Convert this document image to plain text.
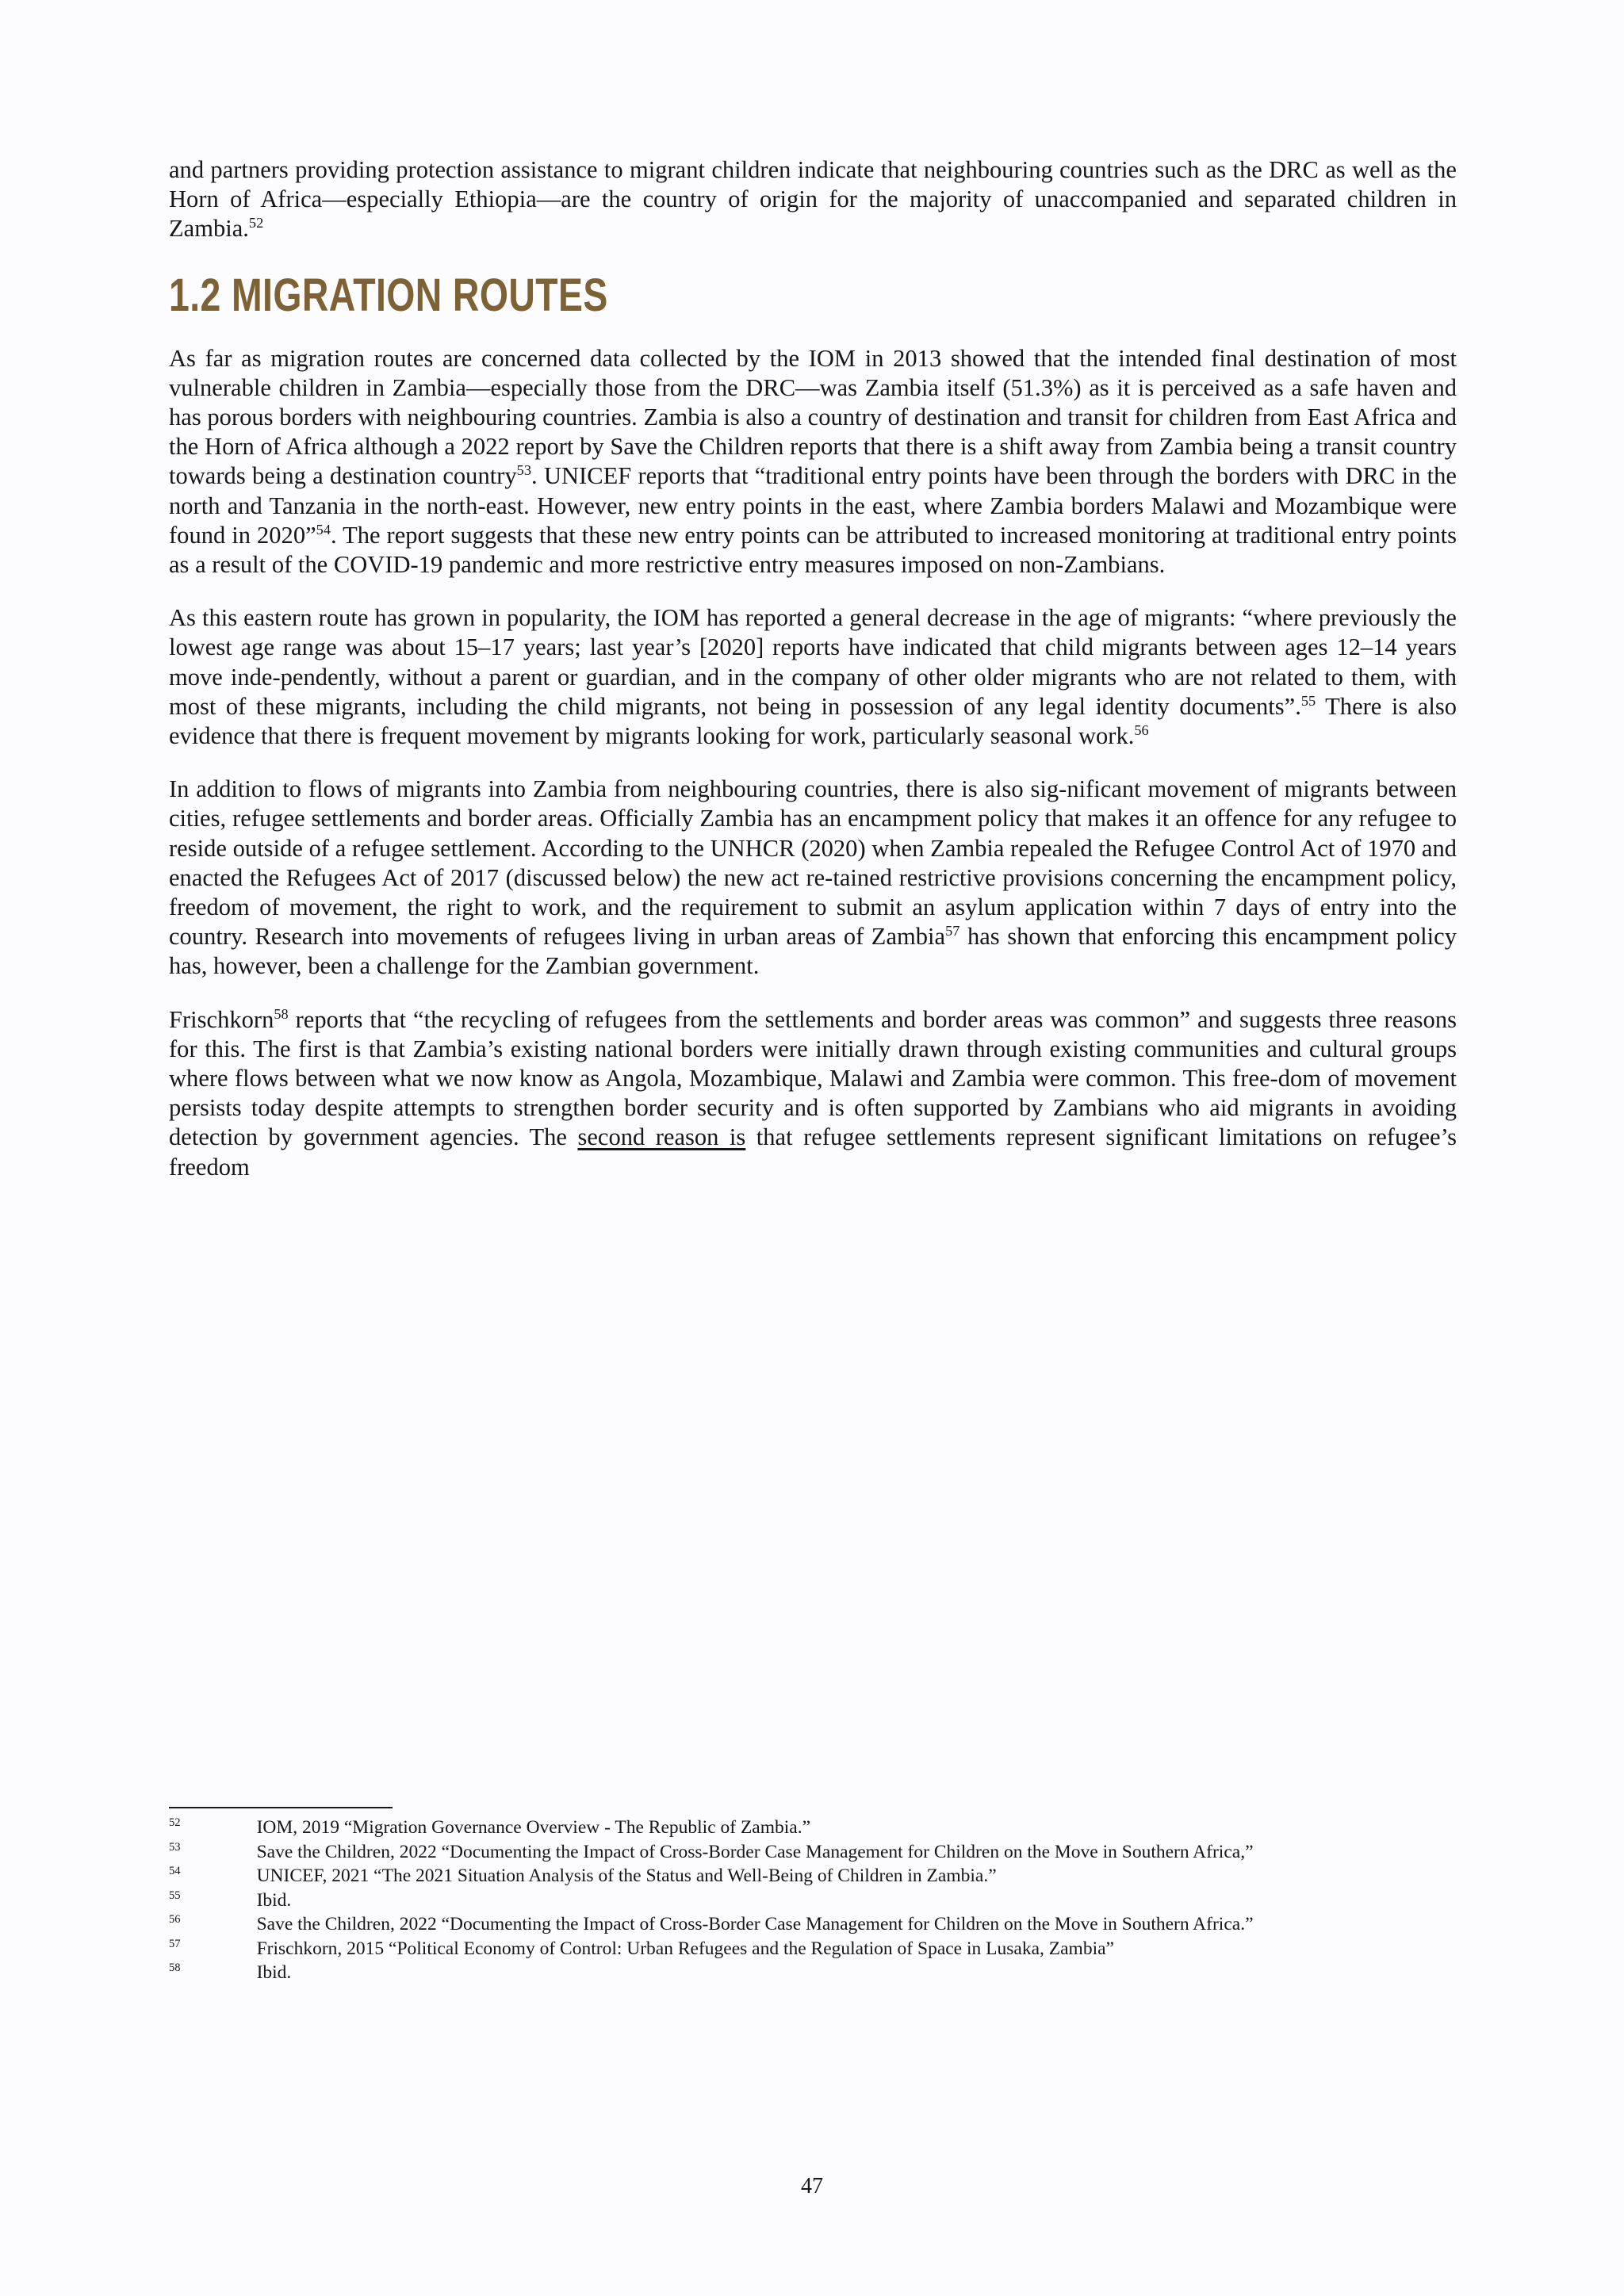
and partners providing protection assistance to migrant children indicate that neighbouring countries such as the DRC as well as the Horn of Africa—especially Ethiopia—are the country of origin for the majority of unaccompanied and separated children in Zambia.$^{52}$

1.2 MIGRATION ROUTES

As far as migration routes are concerned data collected by the IOM in 2013 showed that the intended final destination of most vulnerable children in Zambia—especially those from the DRC—was Zambia itself (51.3%) as it is perceived as a safe haven and has porous borders with neighbouring countries. Zambia is also a country of destination and transit for children from East Africa and the Horn of Africa although a 2022 report by Save the Children reports that there is a shift away from Zambia being a transit country towards being a destination country$^{53}$. UNICEF reports that “traditional entry points have been through the borders with DRC in the north and Tanzania in the north-east. However, new entry points in the east, where Zambia borders Malawi and Mozambique were found in 2020”$^{54}$. The report suggests that these new entry points can be attributed to increased monitoring at traditional entry points as a result of the COVID-19 pandemic and more restrictive entry measures imposed on non-Zambians.

As this eastern route has grown in popularity, the IOM has reported a general decrease in the age of migrants: “where previously the lowest age range was about 15–17 years; last year’s [2020] reports have indicated that child migrants between ages 12–14 years move inde-pendently, without a parent or guardian, and in the company of other older migrants who are not related to them, with most of these migrants, including the child migrants, not being in possession of any legal identity documents”.$^{55}$ There is also evidence that there is frequent movement by migrants looking for work, particularly seasonal work.$^{56}$

In addition to flows of migrants into Zambia from neighbouring countries, there is also sig-nificant movement of migrants between cities, refugee settlements and border areas. Officially Zambia has an encampment policy that makes it an offence for any refugee to reside outside of a refugee settlement. According to the UNHCR (2020) when Zambia repealed the Refugee Control Act of 1970 and enacted the Refugees Act of 2017 (discussed below) the new act re-tained restrictive provisions concerning the encampment policy, freedom of movement, the right to work, and the requirement to submit an asylum application within 7 days of entry into the country. Research into movements of refugees living in urban areas of Zambia$^{57}$ has shown that enforcing this encampment policy has, however, been a challenge for the Zambian government.

Frischkorn$^{58}$ reports that “the recycling of refugees from the settlements and border areas was common” and suggests three reasons for this. The first is that Zambia’s existing national borders were initially drawn through existing communities and cultural groups where flows between what we now know as Angola, Mozambique, Malawi and Zambia were common. This free-dom of movement persists today despite attempts to strengthen border security and is often supported by Zambians who aid migrants in avoiding detection by government agencies. The second reason is that refugee settlements represent significant limitations on refugee’s freedom

$^{52}$	IOM, 2019 “Migration Governance Overview - The Republic of Zambia.”
$^{53}$	Save the Children, 2022 “Documenting the Impact of Cross-Border Case Management for Children on the Move in Southern Africa,”
$^{54}$	UNICEF, 2021 “The 2021 Situation Analysis of the Status and Well-Being of Children in Zambia.”
$^{55}$	Ibid.
$^{56}$	Save the Children, 2022 “Documenting the Impact of Cross-Border Case Management for Children on the Move in Southern Africa.”
$^{57}$	Frischkorn, 2015 “Political Economy of Control: Urban Refugees and the Regulation of Space in Lusaka, Zambia”
$^{58}$	Ibid.
47
